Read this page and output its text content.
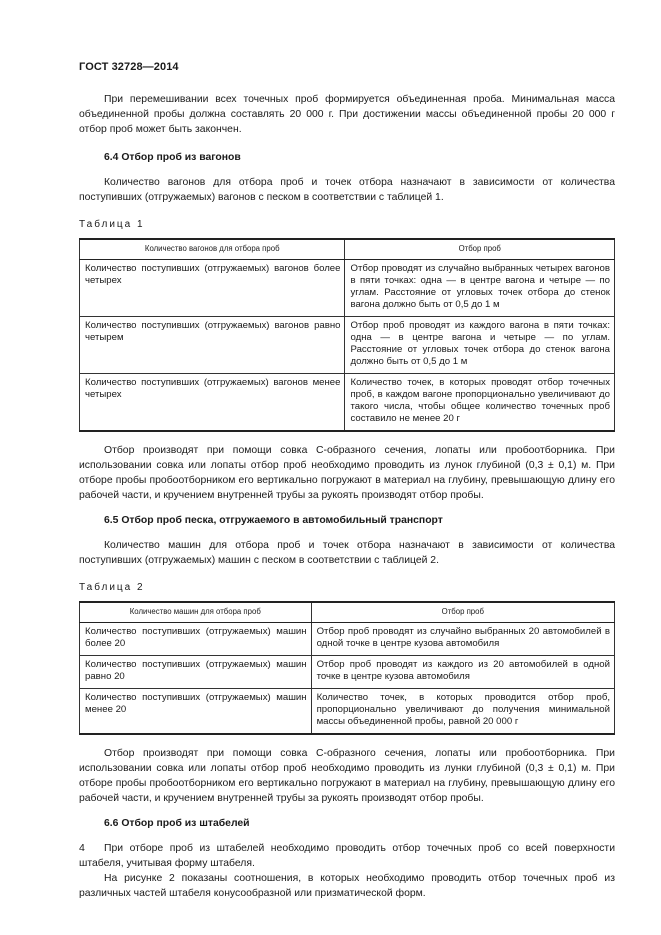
ГОСТ 32728—2014

При перемешивании всех точечных проб формируется объединенная проба. Минимальная масса объединенной пробы должна составлять 20 000 г. При достижении массы объединенной пробы 20 000 г отбор проб может быть закончен.

6.4 Отбор проб из вагонов

Количество вагонов для отбора проб и точек отбора назначают в зависимости от количества поступивших (отгружаемых) вагонов с песком в соответствии с таблицей 1.

Таблица 1
Количество вагонов для отбора проб	Отбор проб
Количество поступивших (отгружаемых) вагонов более четырех	Отбор проводят из случайно выбранных четырех вагонов в пяти точках: одна — в центре вагона и четыре — по углам. Расстояние от угловых точек отбора до стенок вагона должно быть от 0,5 до 1 м
Количество поступивших (отгружаемых) вагонов равно четырем	Отбор проб проводят из каждого вагона в пяти точках: одна — в центре вагона и четыре — по углам. Расстояние от угловых точек отбора до стенок вагона должно быть от 0,5 до 1 м
Количество поступивших (отгружаемых) вагонов менее четырех	Количество точек, в которых проводят отбор точечных проб, в каждом вагоне пропорционально увеличивают до такого числа, чтобы общее количество точечных проб составило не менее 20 г

Отбор производят при помощи совка С-образного сечения, лопаты или пробоотборника. При использовании совка или лопаты отбор проб необходимо проводить из лунок глубиной (0,3 ± 0,1) м. При отборе пробы пробоотборником его вертикально погружают в материал на глубину, превышающую длину его рабочей части, и кручением внутренней трубы за рукоять производят отбор пробы.

6.5 Отбор проб песка, отгружаемого в автомобильный транспорт

Количество машин для отбора проб и точек отбора назначают в зависимости от количества поступивших (отгружаемых) машин с песком в соответствии с таблицей 2.

Таблица 2
Количество машин для отбора проб	Отбор проб
Количество поступивших (отгружаемых) машин более 20	Отбор проб проводят из случайно выбранных 20 автомобилей в одной точке в центре кузова автомобиля
Количество поступивших (отгружаемых) машин равно 20	Отбор проб проводят из каждого из 20 автомобилей в одной точке в центре кузова автомобиля
Количество поступивших (отгружаемых) машин менее 20	Количество точек, в которых проводится отбор проб, пропорционально увеличивают до получения минимальной массы объединенной пробы, равной 20 000 г

Отбор производят при помощи совка С-образного сечения, лопаты или пробоотборника. При использовании совка или лопаты отбор проб необходимо проводить из лунки глубиной (0,3 ± 0,1) м. При отборе пробы пробоотборником его вертикально погружают в материал на глубину, превышающую длину его рабочей части, и кручением внутренней трубы за рукоять производят отбор пробы.

6.6 Отбор проб из штабелей

При отборе проб из штабелей необходимо проводить отбор точечных проб со всей поверхности штабеля, учитывая форму штабеля.

На рисунке 2 показаны соотношения, в которых необходимо проводить отбор точечных проб из различных частей штабеля конусообразной или призматической форм.

4
